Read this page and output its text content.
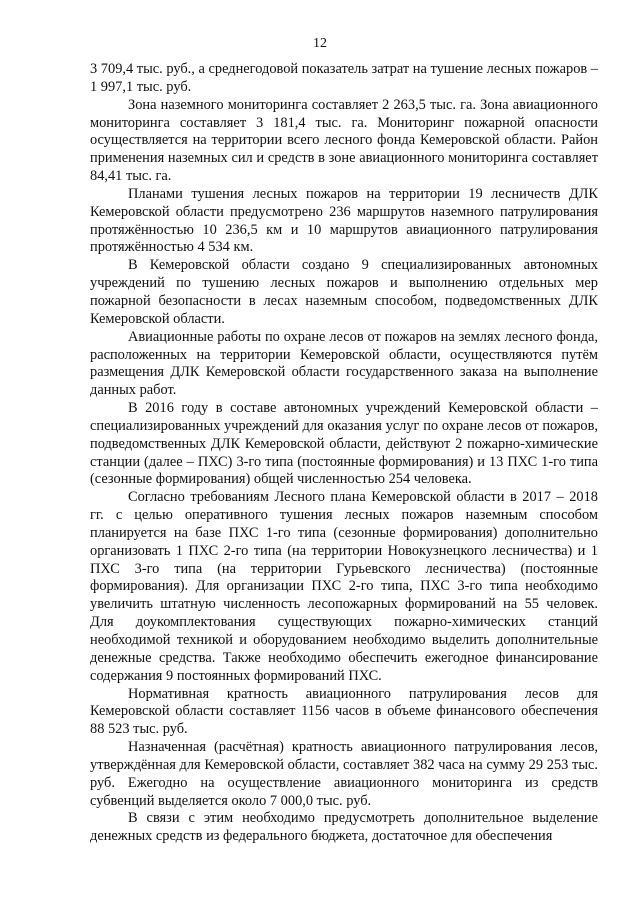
12

3 709,4 тыс. руб., а среднегодовой показатель затрат на тушение лесных пожаров – 1 997,1 тыс. руб.

Зона наземного мониторинга составляет 2 263,5 тыс. га. Зона авиационного мониторинга составляет 3 181,4 тыс. га. Мониторинг пожарной опасности осуществляется на территории всего лесного фонда Кемеровской области. Район применения наземных сил и средств в зоне авиационного мониторинга составляет 84,41 тыс. га.

Планами тушения лесных пожаров на территории 19 лесничеств ДЛК Кемеровской области предусмотрено 236 маршрутов наземного патрулирования протяжённостью 10 236,5 км и 10 маршрутов авиационного патрулирования протяжённостью 4 534 км.

В Кемеровской области создано 9 специализированных автономных учреждений по тушению лесных пожаров и выполнению отдельных мер пожарной безопасности в лесах наземным способом, подведомственных ДЛК Кемеровской области.

Авиационные работы по охране лесов от пожаров на землях лесного фонда, расположенных на территории Кемеровской области, осуществляются путём размещения ДЛК Кемеровской области государственного заказа на выполнение данных работ.

В 2016 году в составе автономных учреждений Кемеровской области – специализированных учреждений для оказания услуг по охране лесов от пожаров, подведомственных ДЛК Кемеровской области, действуют 2 пожарно-химические станции (далее – ПХС) 3-го типа (постоянные формирования) и 13 ПХС 1-го типа (сезонные формирования) общей численностью 254 человека.

Согласно требованиям Лесного плана Кемеровской области в 2017 – 2018 гг. с целью оперативного тушения лесных пожаров наземным способом планируется на базе ПХС 1-го типа (сезонные формирования) дополнительно организовать 1 ПХС 2-го типа (на территории Новокузнецкого лесничества) и 1 ПХС 3-го типа (на территории Гурьевского лесничества) (постоянные формирования). Для организации ПХС 2-го типа, ПХС 3-го типа необходимо увеличить штатную численность лесопожарных формирований на 55 человек. Для доукомплектования существующих пожарно-химических станций необходимой техникой и оборудованием необходимо выделить дополнительные денежные средства. Также необходимо обеспечить ежегодное финансирование содержания 9 постоянных формирований ПХС.

Нормативная кратность авиационного патрулирования лесов для Кемеровской области составляет 1156 часов в объеме финансового обеспечения 88 523 тыс. руб.

Назначенная (расчётная) кратность авиационного патрулирования лесов, утверждённая для Кемеровской области, составляет 382 часа на сумму 29 253 тыс. руб. Ежегодно на осуществление авиационного мониторинга из средств субвенций выделяется около 7 000,0 тыс. руб.

В связи с этим необходимо предусмотреть дополнительное выделение денежных средств из федерального бюджета, достаточное для обеспечения
